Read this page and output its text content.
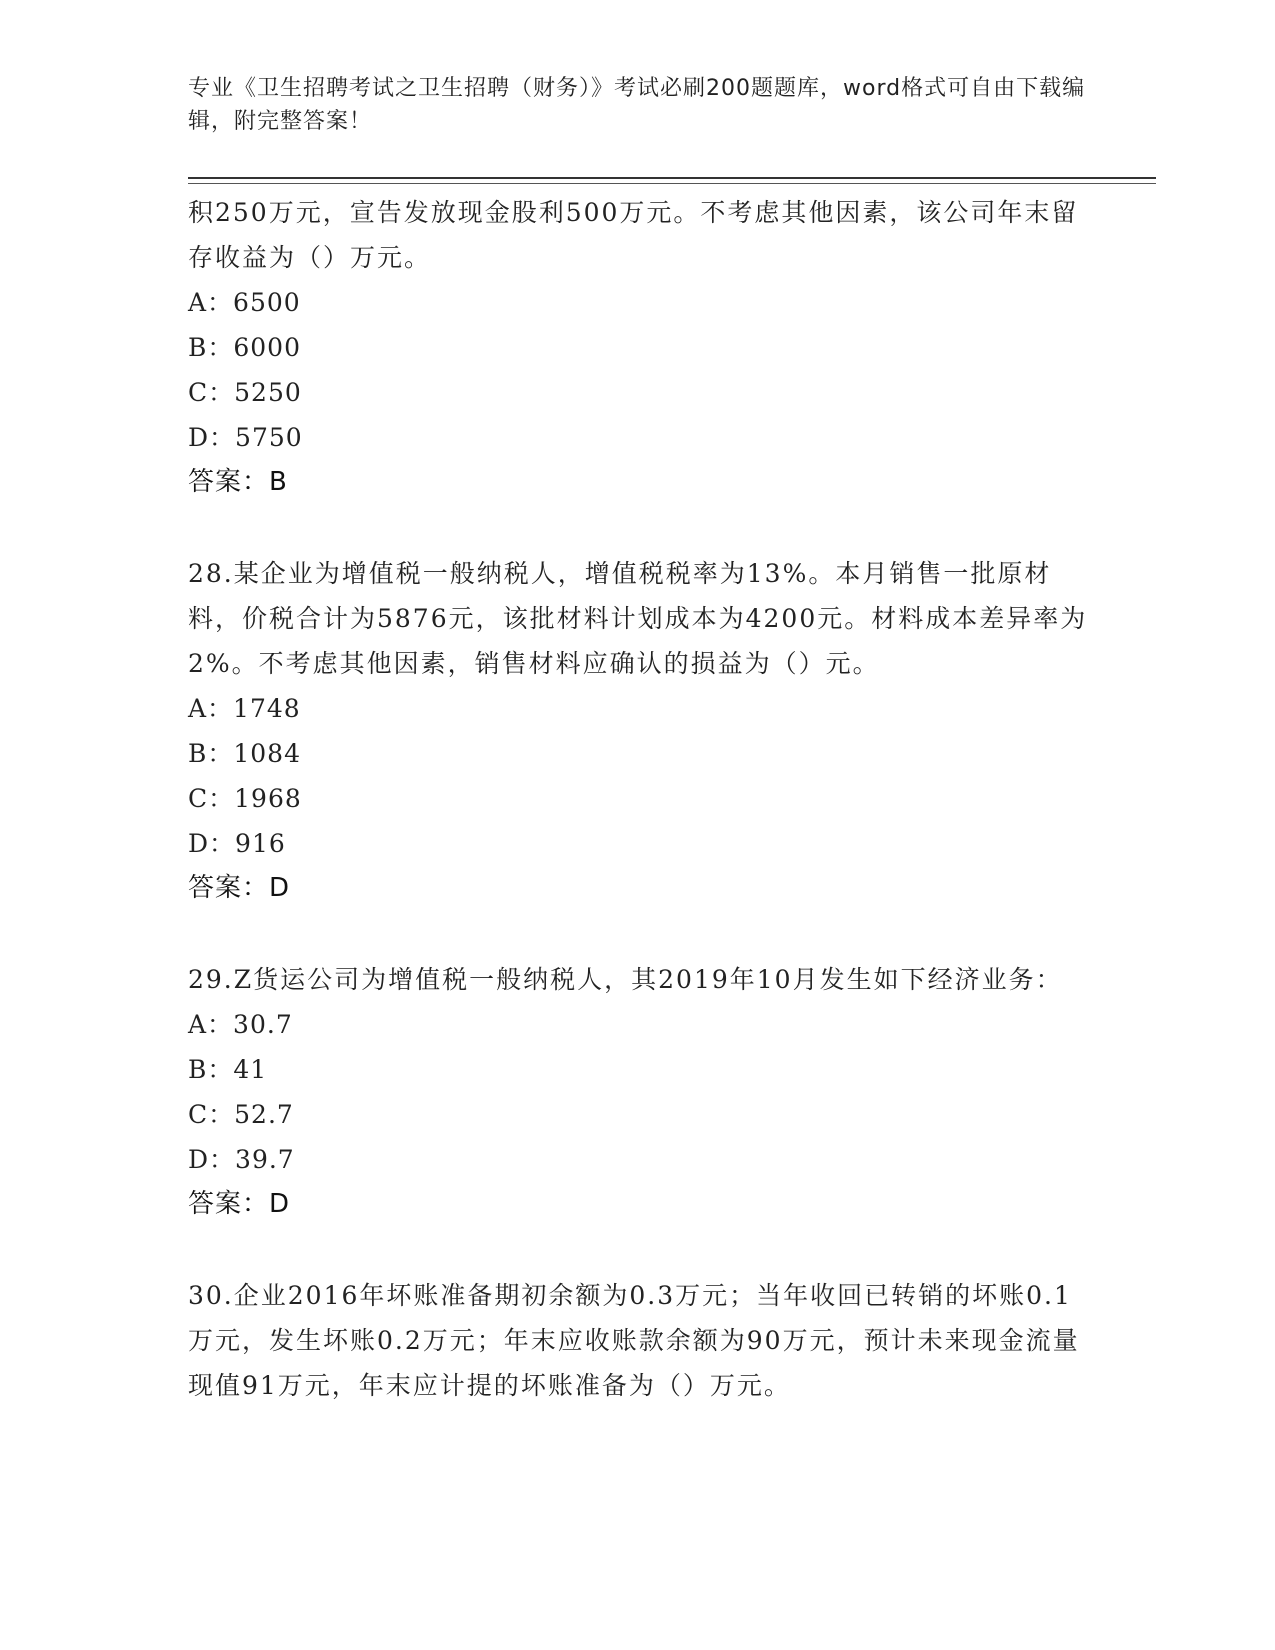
专业《卫生招聘考试之卫生招聘（财务）》考试必刷200题题库，word格式可自由下载编辑，附完整答案！

积250万元，宣告发放现金股利500万元。不考虑其他因素，该公司年末留存收益为（）万元。

A：6500
B：6000
C：5250
D：5750
答案：B

28.某企业为增值税一般纳税人，增值税税率为13%。本月销售一批原材料，价税合计为5876元，该批材料计划成本为4200元。材料成本差异率为2%。不考虑其他因素，销售材料应确认的损益为（）元。

A：1748
B：1084
C：1968
D：916
答案：D

29.Z货运公司为增值税一般纳税人，其2019年10月发生如下经济业务：

A：30.7
B：41
C：52.7
D：39.7
答案：D

30.企业2016年坏账准备期初余额为0.3万元；当年收回已转销的坏账0.1万元，发生坏账0.2万元；年末应收账款余额为90万元，预计未来现金流量现值91万元，年末应计提的坏账准备为（）万元。
